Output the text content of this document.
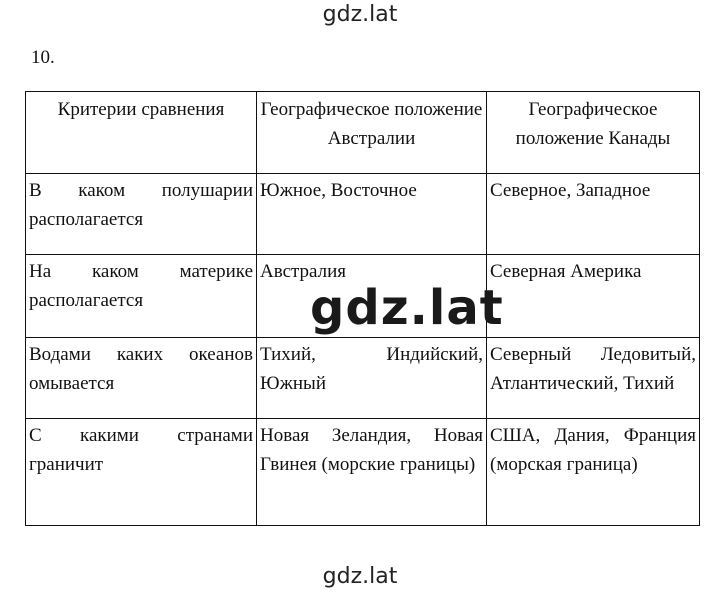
gdz.lat
10.
Критерии сравнения	Географическое положение Австралии	Географическое положение Канады
В каком полушарии располагается	Южное, Восточное	Северное, Западное
На каком материке располагается	Австралия	Северная Америка
Водами каких океанов омывается	Тихий, Индийский, Южный	Северный Ледовитый, Атлантический, Тихий
С какими странами граничит	Новая Зеландия, Новая Гвинея (морские границы)	США, Дания, Франция (морская граница)
gdz.lat
gdz.lat
